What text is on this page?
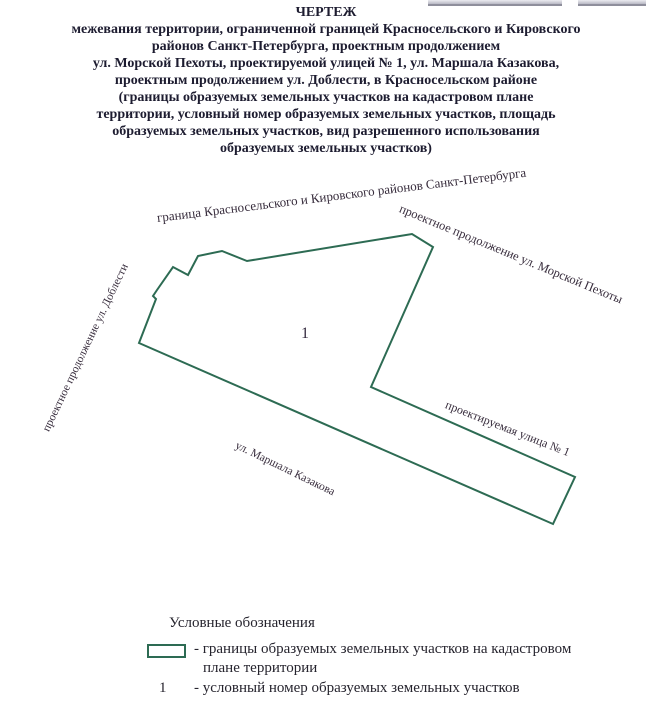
ЧЕРТЕЖ
межевания территории, ограниченной границей Красносельского и Кировского
районов Санкт-Петербурга, проектным продолжением
ул. Морской Пехоты, проектируемой улицей № 1, ул. Маршала Казакова,
проектным продолжением ул. Доблести, в Красносельском районе
(границы образуемых земельных участков на кадастровом плане
территории, условный номер образуемых земельных участков, площадь
образуемых земельных участков, вид разрешенного использования
образуемых земельных участков)
1
граница Красносельского и Кировского районов Санкт-Петербурга
проектное продолжение ул. Морской Пехоты
проектное продолжение ул. Доблести
ул. Маршала Казакова
проектируемая улица № 1
Условные обозначения
- границы образуемых земельных участков на кадастровом
плане территории
1 - условный номер образуемых земельных участков
